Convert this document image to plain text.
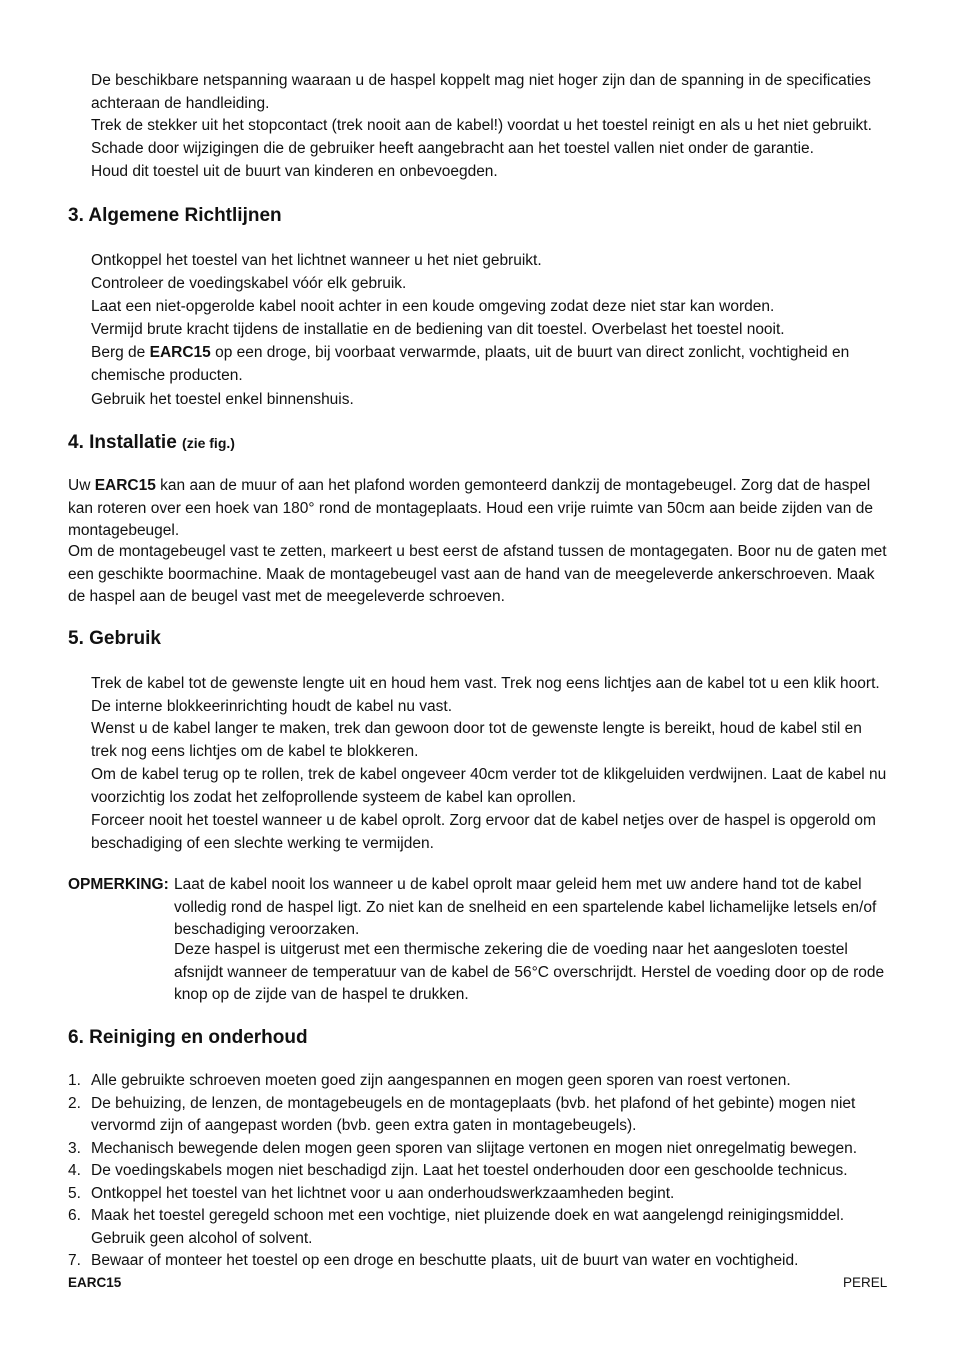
De beschikbare netspanning waaraan u de haspel koppelt mag niet hoger zijn dan de spanning in de specificaties achteraan de handleiding.
Trek de stekker uit het stopcontact (trek nooit aan de kabel!) voordat u het toestel reinigt en als u het niet gebruikt.
Schade door wijzigingen die de gebruiker heeft aangebracht aan het toestel vallen niet onder de garantie.
Houd dit toestel uit de buurt van kinderen en onbevoegden.
3. Algemene Richtlijnen
Ontkoppel het toestel van het lichtnet wanneer u het niet gebruikt.
Controleer de voedingskabel vóór elk gebruik.
Laat een niet-opgerolde kabel nooit achter in een koude omgeving zodat deze niet star kan worden.
Vermijd brute kracht tijdens de installatie en de bediening van dit toestel. Overbelast het toestel nooit.
Berg de EARC15 op een droge, bij voorbaat verwarmde, plaats, uit de buurt van direct zonlicht, vochtigheid en chemische producten.
Gebruik het toestel enkel binnenshuis.
4. Installatie (zie fig.)
Uw EARC15 kan aan de muur of aan het plafond worden gemonteerd dankzij de montagebeugel. Zorg dat de haspel kan roteren over een hoek van 180° rond de montageplaats. Houd een vrije ruimte van 50cm aan beide zijden van de montagebeugel.
Om de montagebeugel vast te zetten, markeert u best eerst de afstand tussen de montagegaten. Boor nu de gaten met een geschikte boormachine. Maak de montagebeugel vast aan de hand van de meegeleverde ankerschroeven. Maak de haspel aan de beugel vast met de meegeleverde schroeven.
5. Gebruik
Trek de kabel tot de gewenste lengte uit en houd hem vast. Trek nog eens lichtjes aan de kabel tot u een klik hoort. De interne blokkeerinrichting houdt de kabel nu vast.
Wenst u de kabel langer te maken, trek dan gewoon door tot de gewenste lengte is bereikt, houd de kabel stil en trek nog eens lichtjes om de kabel te blokkeren.
Om de kabel terug op te rollen, trek de kabel ongeveer 40cm verder tot de klikgeluiden verdwijnen. Laat de kabel nu voorzichtig los zodat het zelfoprollende systeem de kabel kan oprollen.
Forceer nooit het toestel wanneer u de kabel oprolt. Zorg ervoor dat de kabel netjes over de haspel is opgerold om beschadiging of een slechte werking te vermijden.
OPMERKING: Laat de kabel nooit los wanneer u de kabel oprolt maar geleid hem met uw andere hand tot de kabel volledig rond de haspel ligt. Zo niet kan de snelheid en een spartelende kabel lichamelijke letsels en/of beschadiging veroorzaken.
Deze haspel is uitgerust met een thermische zekering die de voeding naar het aangesloten toestel afsnijdt wanneer de temperatuur van de kabel de 56°C overschrijdt. Herstel de voeding door op de rode knop op de zijde van de haspel te drukken.
6. Reiniging en onderhoud
1. Alle gebruikte schroeven moeten goed zijn aangespannen en mogen geen sporen van roest vertonen.
2. De behuizing, de lenzen, de montagebeugels en de montageplaats (bvb. het plafond of het gebinte) mogen niet vervormd zijn of aangepast worden (bvb. geen extra gaten in montagebeugels).
3. Mechanisch bewegende delen mogen geen sporen van slijtage vertonen en mogen niet onregelmatig bewegen.
4. De voedingskabels mogen niet beschadigd zijn. Laat het toestel onderhouden door een geschoolde technicus.
5. Ontkoppel het toestel van het lichtnet voor u aan onderhoudswerkzaamheden begint.
6. Maak het toestel geregeld schoon met een vochtige, niet pluizende doek en wat aangelengd reinigingsmiddel. Gebruik geen alcohol of solvent.
7. Bewaar of monteer het toestel op een droge en beschutte plaats, uit de buurt van water en vochtigheid.
EARC15	PEREL
